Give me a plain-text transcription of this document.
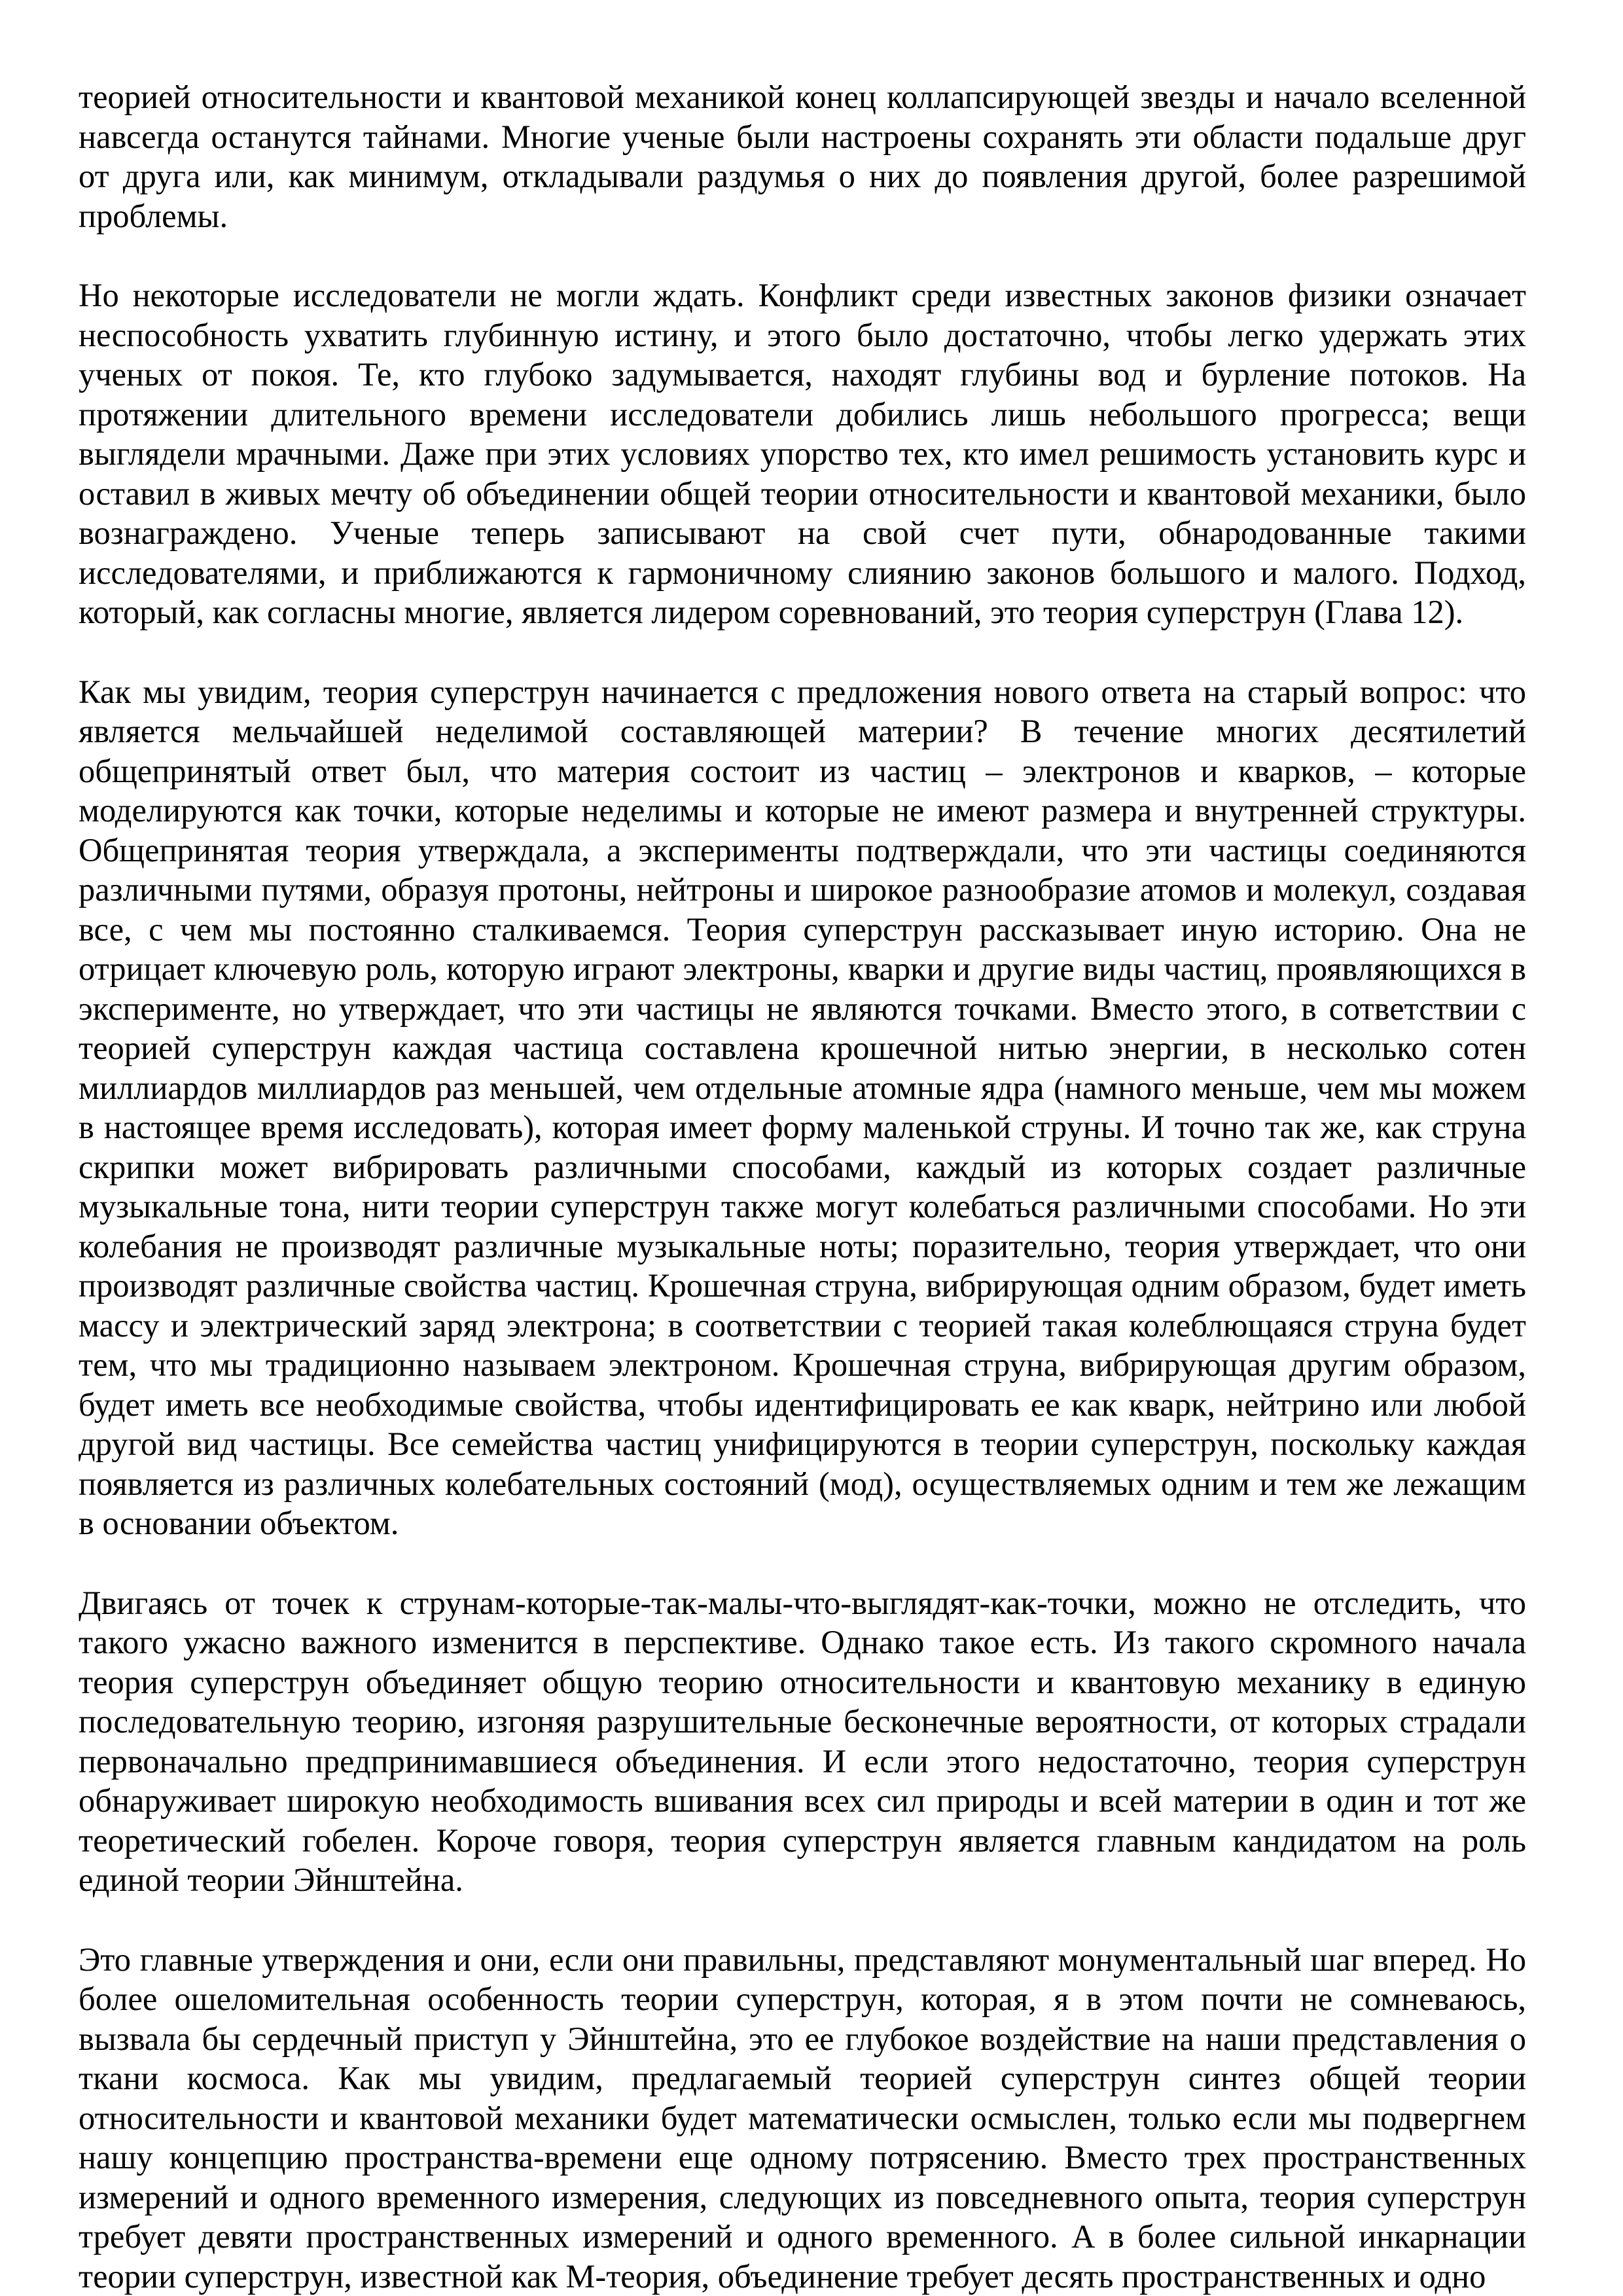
теорией относительности и квантовой механикой конец коллапсирующей звезды и начало вселенной навсегда останутся тайнами. Многие ученые были настроены сохранять эти области подальше друг от друга или, как минимум, откладывали раздумья о них до появления другой, более разрешимой проблемы.

Но некоторые исследователи не могли ждать. Конфликт среди известных законов физики означает неспособность ухватить глубинную истину, и этого было достаточно, чтобы легко удержать этих ученых от покоя. Те, кто глубоко задумывается, находят глубины вод и бурление потоков. На протяжении длительного времени исследователи добились лишь небольшого прогресса; вещи выглядели мрачными. Даже при этих условиях упорство тех, кто имел решимость установить курс и оставил в живых мечту об объединении общей теории относительности и квантовой механики, было вознаграждено. Ученые теперь записывают на свой счет пути, обнародованные такими исследователями, и приближаются к гармоничному слиянию законов большого и малого. Подход, который, как согласны многие, является лидером соревнований, это теория суперструн (Глава 12).

Как мы увидим, теория суперструн начинается с предложения нового ответа на старый вопрос: что является мельчайшей неделимой составляющей материи? В течение многих десятилетий общепринятый ответ был, что материя состоит из частиц – электронов и кварков, – которые моделируются как точки, которые неделимы и которые не имеют размера и внутренней структуры. Общепринятая теория утверждала, а эксперименты подтверждали, что эти частицы соединяются различными путями, образуя протоны, нейтроны и широкое разнообразие атомов и молекул, создавая все, с чем мы постоянно сталкиваемся. Теория суперструн рассказывает иную историю. Она не отрицает ключевую роль, которую играют электроны, кварки и другие виды частиц, проявляющихся в эксперименте, но утверждает, что эти частицы не являются точками. Вместо этого, в сответствии с теорией суперструн каждая частица составлена крошечной нитью энергии, в несколько сотен миллиардов миллиардов раз меньшей, чем отдельные атомные ядра (намного меньше, чем мы можем в настоящее время исследовать), которая имеет форму маленькой струны. И точно так же, как струна скрипки может вибрировать различными способами, каждый из которых создает различные музыкальные тона, нити теории суперструн также могут колебаться различными способами. Но эти колебания не производят различные музыкальные ноты; поразительно, теория утверждает, что они производят различные свойства частиц. Крошечная струна, вибрирующая одним образом, будет иметь массу и электрический заряд электрона; в соответствии с теорией такая колеблющаяся струна будет тем, что мы традиционно называем электроном. Крошечная струна, вибрирующая другим образом, будет иметь все необходимые свойства, чтобы идентифицировать ее как кварк, нейтрино или любой другой вид частицы. Все семейства частиц унифицируются в теории суперструн, поскольку каждая появляется из различных колебательных состояний (мод), осуществляемых одним и тем же лежащим в основании объектом.

Двигаясь от точек к струнам-которые-так-малы-что-выглядят-как-точки, можно не отследить, что такого ужасно важного изменится в перспективе. Однако такое есть. Из такого скромного начала теория суперструн объединяет общую теорию относительности и квантовую механику в единую последовательную теорию, изгоняя разрушительные бесконечные вероятности, от которых страдали первоначально предпринимавшиеся объединения. И если этого недостаточно, теория суперструн обнаруживает широкую необходимость вшивания всех сил природы и всей материи в один и тот же теоретический гобелен. Короче говоря, теория суперструн является главным кандидатом на роль единой теории Эйнштейна.

Это главные утверждения и они, если они правильны, представляют монументальный шаг вперед. Но более ошеломительная особенность теории суперструн, которая, я в этом почти не сомневаюсь, вызвала бы сердечный приступ у Эйнштейна, это ее глубокое воздействие на наши представления о ткани космоса. Как мы увидим, предлагаемый теорией суперструн синтез общей теории относительности и квантовой механики будет математически осмыслен, только если мы подвергнем нашу концепцию пространства-времени еще одному потрясению. Вместо трех пространственных измерений и одного временного измерения, следующих из повседневного опыта, теория суперструн требует девяти пространственных измерений и одного временного. А в более сильной инкарнации теории суперструн, известной как М-теория, объединение требует десять пространственных и одно
